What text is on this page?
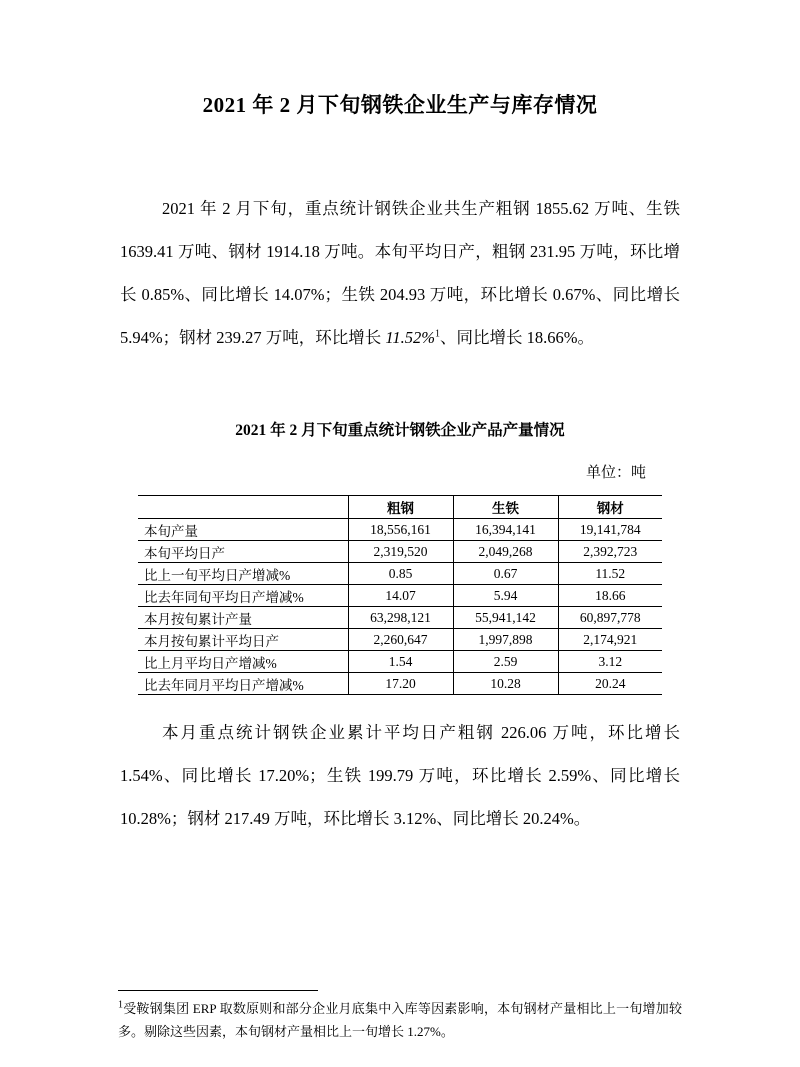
2021 年 2 月下旬钢铁企业生产与库存情况

2021 年 2 月下旬，重点统计钢铁企业共生产粗钢 1855.62 万吨、生铁 1639.41 万吨、钢材 1914.18 万吨。本旬平均日产，粗钢 231.95 万吨，环比增长 0.85%、同比增长 14.07%；生铁 204.93 万吨，环比增长 0.67%、同比增长 5.94%；钢材 239.27 万吨，环比增长 11.52%$^1$、同比增长 18.66%。

2021 年 2 月下旬重点统计钢铁企业产品产量情况
单位：吨
	粗钢	生铁	钢材
本旬产量	18,556,161	16,394,141	19,141,784
本旬平均日产	2,319,520	2,049,268	2,392,723
比上一旬平均日产增减%	0.85	0.67	11.52
比去年同旬平均日产增减%	14.07	5.94	18.66
本月按旬累计产量	63,298,121	55,941,142	60,897,778
本月按旬累计平均日产	2,260,647	1,997,898	2,174,921
比上月平均日产增减%	1.54	2.59	3.12
比去年同月平均日产增减%	17.20	10.28	20.24

本月重点统计钢铁企业累计平均日产粗钢 226.06 万吨，环比增长 1.54%、同比增长 17.20%；生铁 199.79 万吨，环比增长 2.59%、同比增长 10.28%；钢材 217.49 万吨，环比增长 3.12%、同比增长 20.24%。

$^1$受鞍钢集团 ERP 取数原则和部分企业月底集中入库等因素影响，本旬钢材产量相比上一旬增加较多。剔除这些因素，本旬钢材产量相比上一旬增长 1.27%。
